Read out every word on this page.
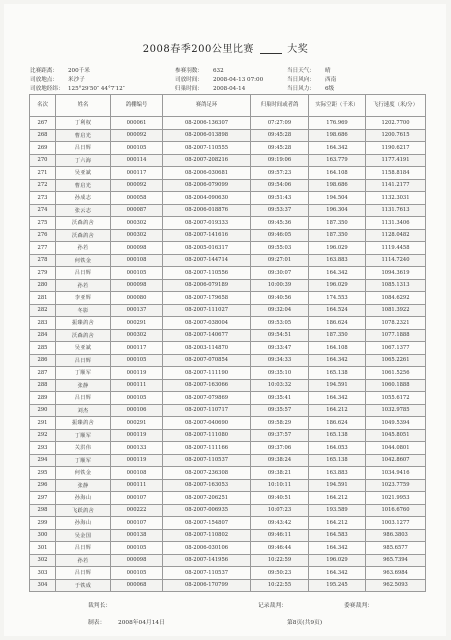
2008春季200公里比赛	大奖
比赛距离： 200千米	参赛羽数： 632	当日天气： 晴
司放地点： 米沙子	司放时间： 2008-04-13 07:00	当日风向： 西南
司放地经纬： 125°29′50″ 44°7′12″	归巢时间： 2008-04-14	当日风力： 6级
名次	姓名	鸽棚编号	赛鸽足环	归巢时间或者鸽	实际空距（千米）	飞行速度（米/分）
267	丁利权	000061	08-2006-136307	07:27:09	176.969	1202.7700
268	曹启光	000092	08-2006-013898	09:45:28	198.686	1200.7615
269	吕日辉	000105	08-2007-110555	09:45:28	164.342	1190.6217
270	丁六海	000114	08-2007-208216	09:19:06	163.779	1177.4191
271	吴亚斌	000117	08-2006-030681	09:57:23	164.108	1158.8184
272	曹启光	000092	08-2006-079099	09:54:06	198.686	1141.2177
273	孙成志	000058	08-2004-090630	09:51:43	194.504	1132.3031
274	张云志	000087	08-2006-018876	09:53:37	196.304	1131.7613
275	沃森鸽舍	000302	08-2007-019333	09:45:36	187.350	1131.3406
276	沃森鸽舍	000302	08-2007-141616	09:46:05	187.350	1128.0482
277	孙若	000098	08-2005-016317	09:55:03	196.029	1119.4458
278	何铁金	000108	08-2007-144714	09:27:01	163.883	1114.7240
279	吕日辉	000105	08-2007-110556	09:30:07	164.342	1094.3619
280	孙若	000098	08-2006-079189	10:00:39	196.029	1085.1313
281	李亚辉	000080	08-2007-179658	09:40:56	174.553	1084.6292
282	冬影	000137	08-2007-111027	09:32:04	164.524	1081.3922
283	振臻鸽舍	000291	08-2007-038004	09:53:05	186.624	1078.2321
284	沃森鸽舍	000302	08-2007-140677	09:54:51	187.350	1077.1888
285	吴亚斌	000117	08-2003-114870	09:33:47	164.108	1067.1377
286	吕日辉	000105	08-2007-070854	09:34:33	164.342	1065.2261
287	丁顺军	000119	08-2007-111190	09:35:10	165.138	1061.5256
288	张静	000111	08-2007-163066	10:03:32	194.591	1060.1888
289	吕日辉	000105	08-2007-079869	09:35:41	164.342	1055.6172
290	刘杰	000106	08-2007-110717	09:35:57	164.212	1032.9785
291	振臻鸽舍	000291	08-2007-040690	09:58:29	186.624	1049.5394
292	丁顺军	000119	08-2007-111080	09:37:57	165.138	1045.8051
293	关洪伟	000133	08-2007-111166	09:37:06	164.053	1044.0801
294	丁顺军	000119	08-2007-110537	09:38:24	165.138	1042.8607
295	何铁金	000108	08-2007-236308	09:38:21	163.883	1034.9416
296	张静	000111	08-2007-163053	10:10:11	194.591	1023.7759
297	孙海山	000107	08-2007-206251	09:40:51	164.212	1021.9953
298	飞跃鸽舍	000222	08-2007-006935	10:07:23	193.589	1016.6760
299	孙海山	000107	08-2007-154807	09:43:42	164.212	1003.1277
300	吴金国	000138	08-2007-110802	09:46:11	164.583	986.3803
301	吕日辉	000105	08-2006-030106	09:46:44	164.342	985.6577
302	孙若	000098	08-2007-141956	10:22:59	196.029	965.7394
303	吕日辉	000105	08-2007-110537	09:50:23	164.342	963.6984
304	于铁成	000068	08-2006-170799	10:22:55	195.245	962.5093
裁判长：	记录裁判：	委赛裁判：
制表： 2008年04月14日	第8页(共9页)
